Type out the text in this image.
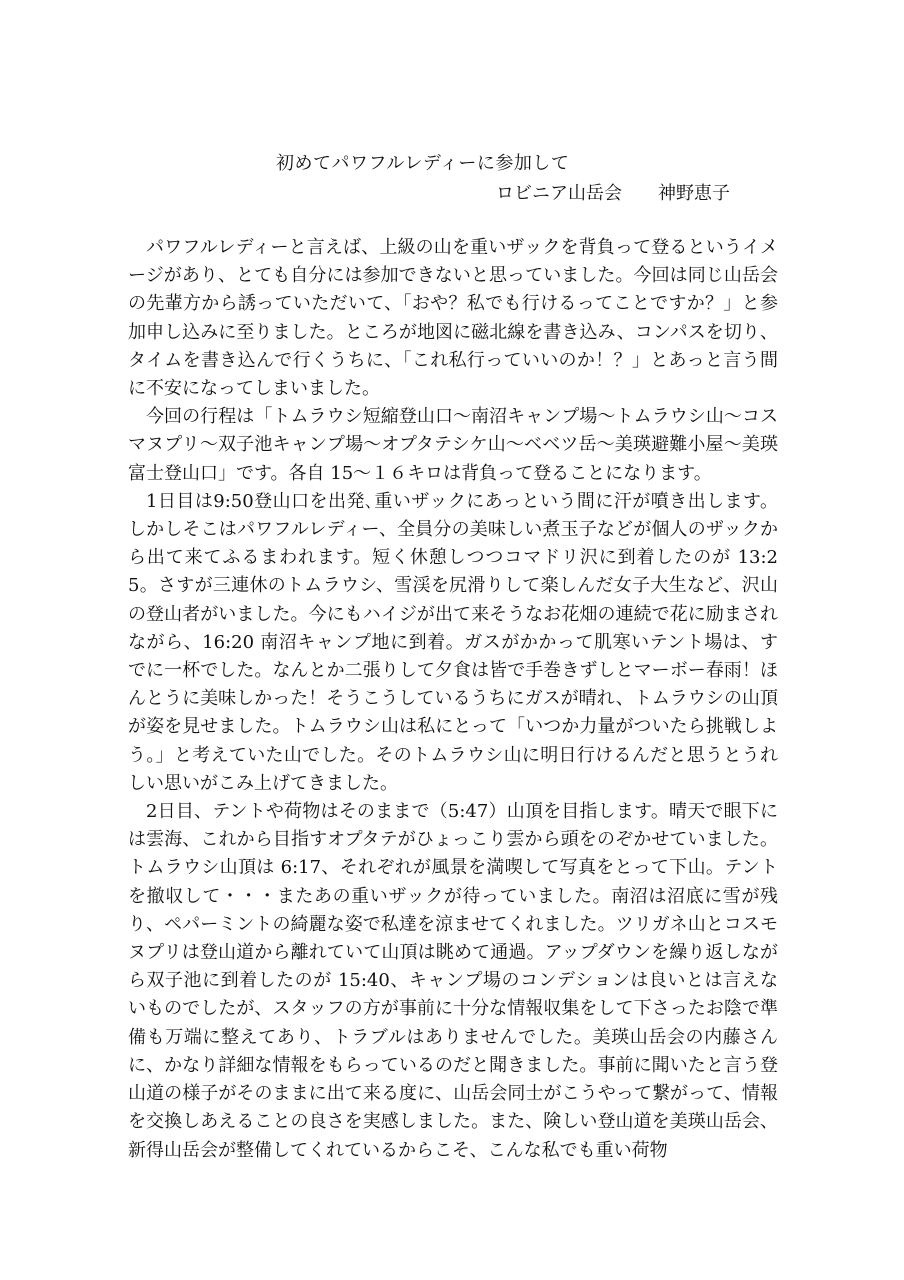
初めてパワフルレディーに参加して
ロビニア山岳会 神野恵子

パワフルレディーと言えば、上級の山を重いザックを背負って登るというイメージがあり、とても自分には参加できないと思っていました。今回は同じ山岳会の先輩方から誘っていただいて、「おや？私でも行けるってことですか？」と参加申し込みに至りました。ところが地図に磁北線を書き込み、コンパスを切り、タイムを書き込んで行くうちに、「これ私行っていいのか！？」とあっと言う間に不安になってしまいました。

今回の行程は「トムラウシ短縮登山口～南沼キャンプ場～トムラウシ山～コスマヌプリ～双子池キャンプ場～オプタテシケ山～ベベツ岳～美瑛避難小屋～美瑛富士登山口」です。各自 15～１６キロは背負って登ることになります。

1日目は9:50登山口を出発､重いザックにあっという間に汗が噴き出します。しかしそこはパワフルレディー、全員分の美味しい煮玉子などが個人のザックから出て来てふるまわれます。短く休憩しつつコマドリ沢に到着したのが 13:25。さすが三連休のトムラウシ、雪渓を尻滑りして楽しんだ女子大生など、沢山の登山者がいました。今にもハイジが出て来そうなお花畑の連続で花に励まされながら、16:20 南沼キャンプ地に到着。ガスがかかって肌寒いテント場は、すでに一杯でした。なんとか二張りして夕食は皆で手巻きずしとマーボー春雨！ほんとうに美味しかった！そうこうしているうちにガスが晴れ、トムラウシの山頂が姿を見せました。トムラウシ山は私にとって「いつか力量がついたら挑戦しよう。」と考えていた山でした。そのトムラウシ山に明日行けるんだと思うとうれしい思いがこみ上げてきました。

2日目、テントや荷物はそのままで（5:47）山頂を目指します。晴天で眼下には雲海、これから目指すオプタテがひょっこり雲から頭をのぞかせていました。トムラウシ山頂は 6:17、それぞれが風景を満喫して写真をとって下山。テントを撤収して・・・またあの重いザックが待っていました。南沼は沼底に雪が残り、ペパーミントの綺麗な姿で私達を涼ませてくれました。ツリガネ山とコスモヌプリは登山道から離れていて山頂は眺めて通過。アップダウンを繰り返しながら双子池に到着したのが 15:40、キャンプ場のコンデションは良いとは言えないものでしたが、スタッフの方が事前に十分な情報収集をして下さったお陰で準備も万端に整えてあり、トラブルはありませんでした。美瑛山岳会の内藤さんに、かなり詳細な情報をもらっているのだと聞きました。事前に聞いたと言う登山道の様子がそのままに出て来る度に、山岳会同士がこうやって繋がって、情報を交換しあえることの良さを実感しました。また、険しい登山道を美瑛山岳会、新得山岳会が整備してくれているからこそ、こんな私でも重い荷物
